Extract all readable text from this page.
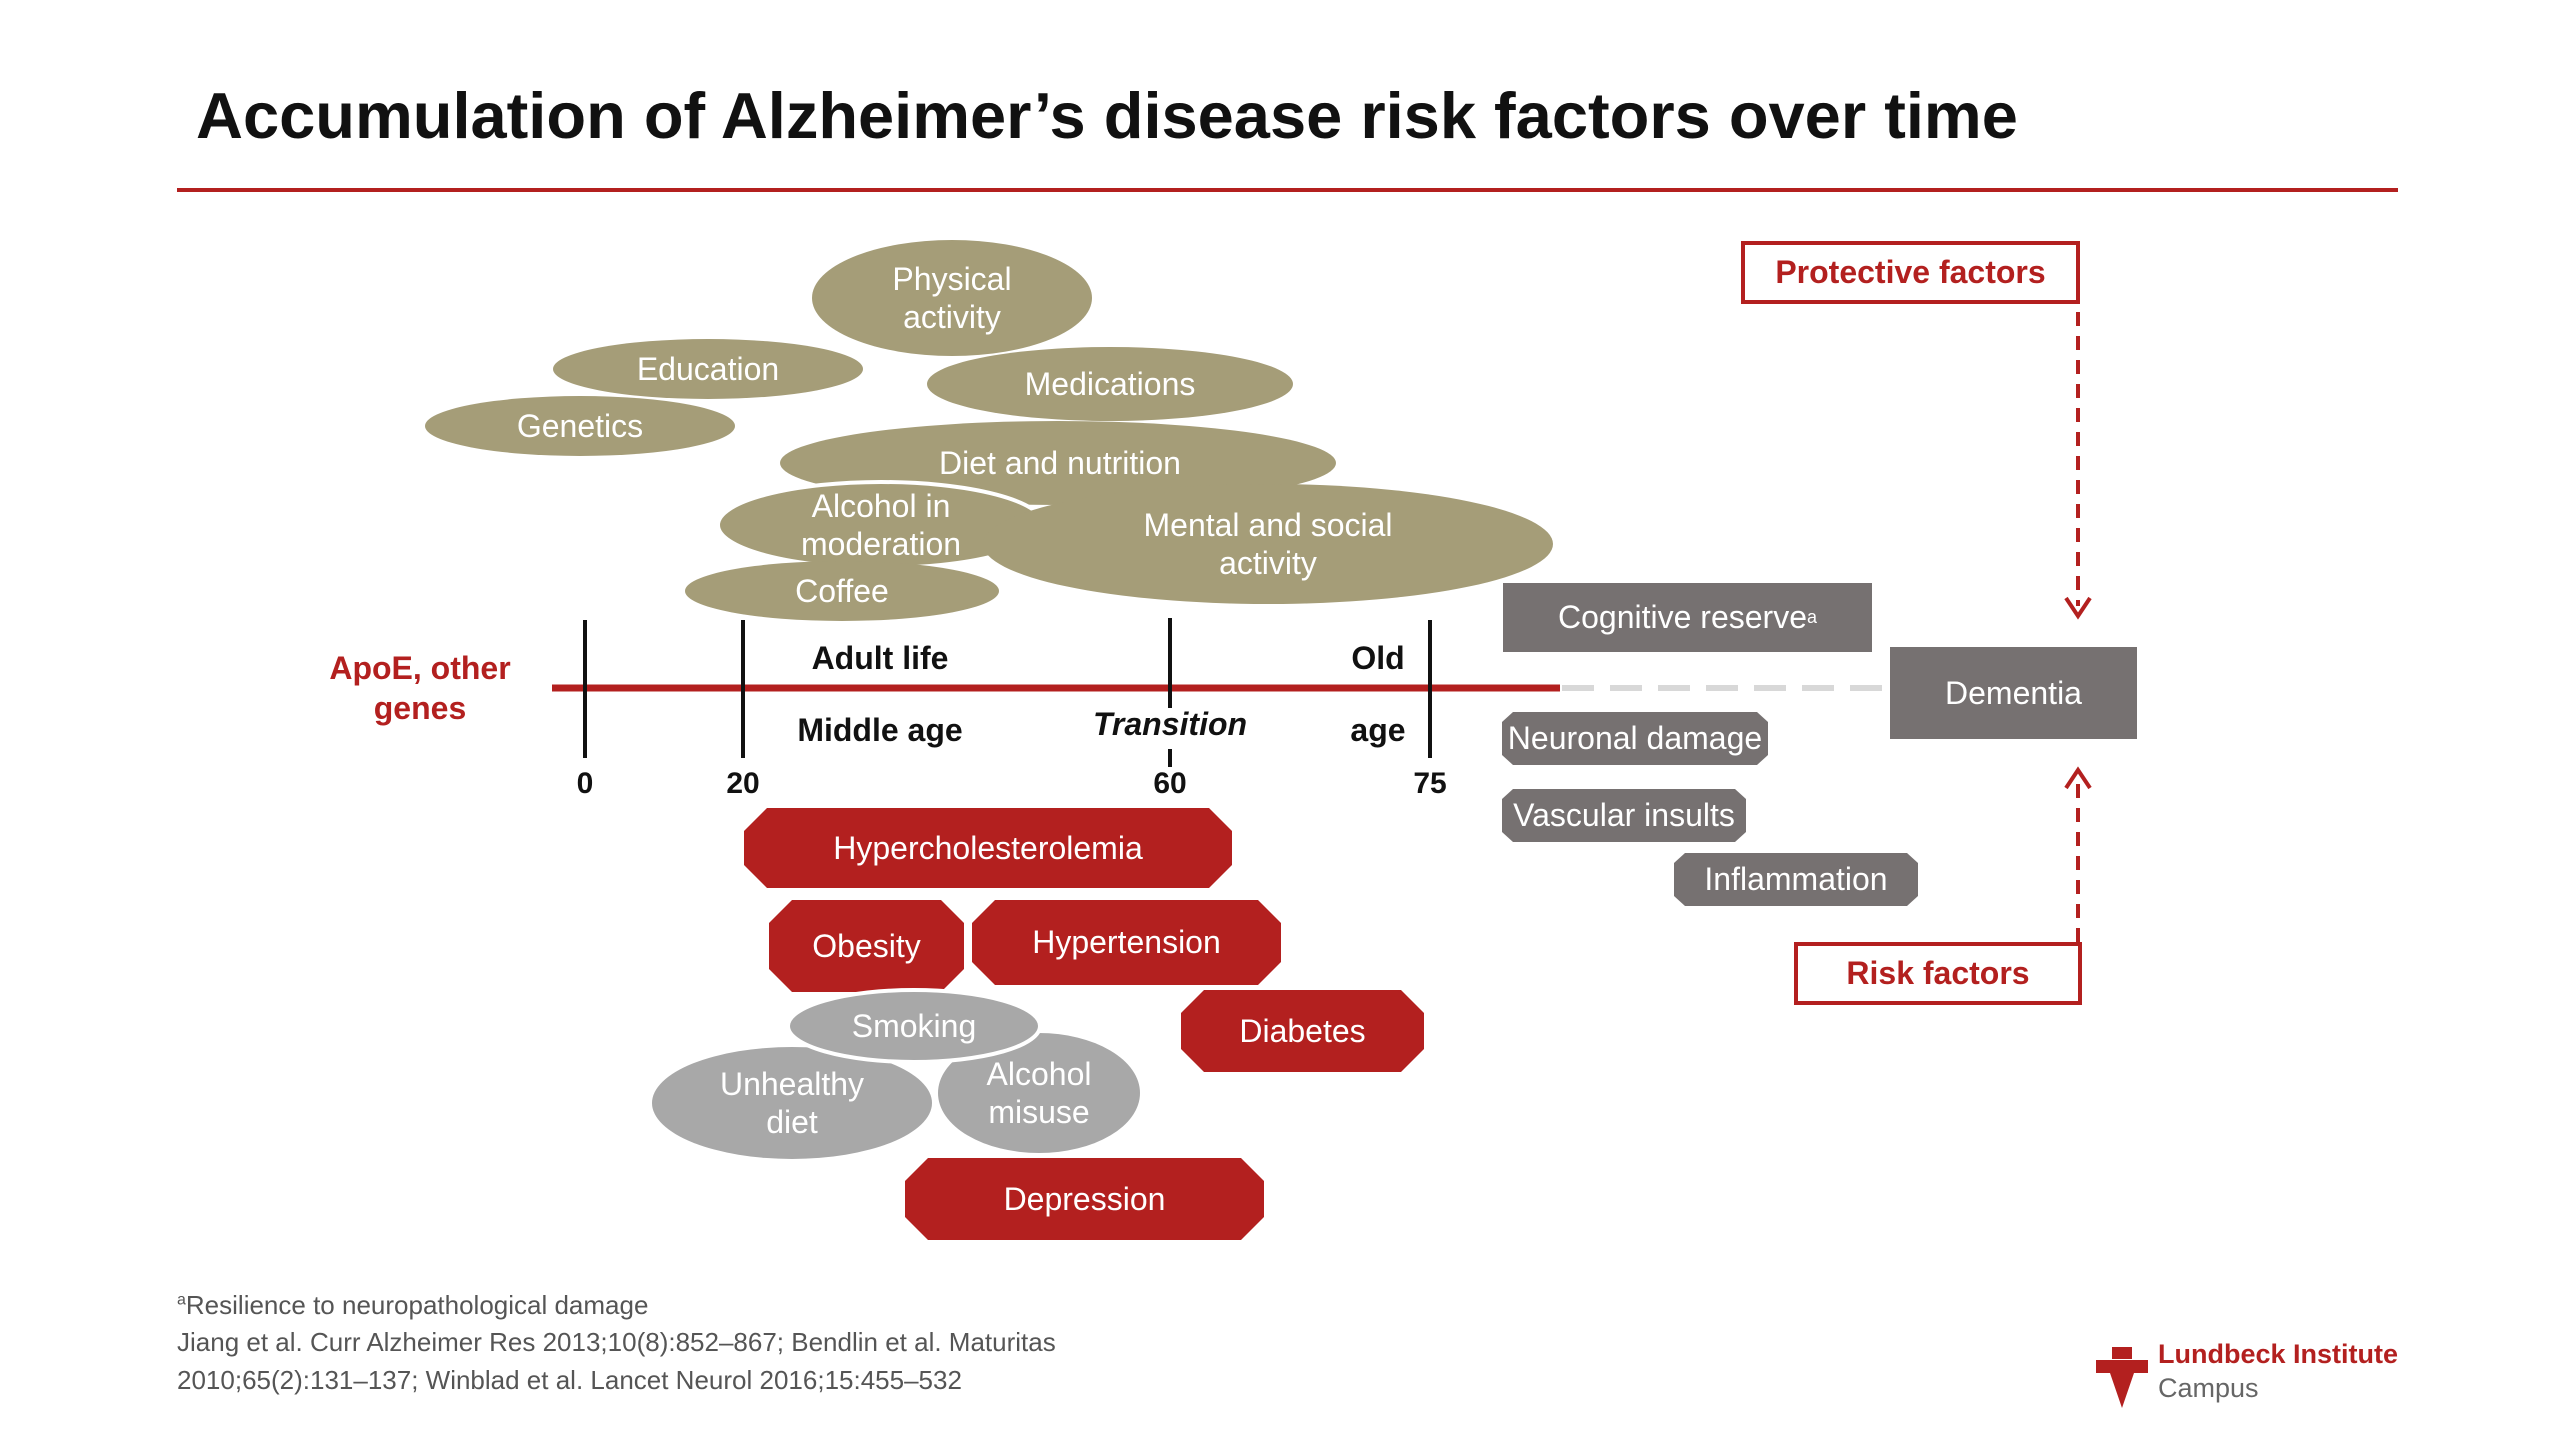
Accumulation of Alzheimer’s disease risk factors over time
Physical
activity
Education	Medications
Genetics
Diet and nutrition
Alcohol in
moderation
Mental and social
activity
Coffee
Cognitive reserve a
ApoE, other
genes
Adult life
Middle age	Transition
Old
age
0	20	60	75
Dementia
Neuronal damage
Vascular insults
Inflammation
Hypercholesterolemia
Obesity	Hypertension
Diabetes
Depression
Smoking
Unhealthy
diet
Alcohol
misuse
Protective factors
Risk factors
$^a$Resilience to neuropathological damage
Jiang et al. Curr Alzheimer Res 2013;10(8):852–867; Bendlin et al. Maturitas
2010;65(2):131–137; Winblad et al. Lancet Neurol 2016;15:455–532
Lundbeck Institute
Campus
